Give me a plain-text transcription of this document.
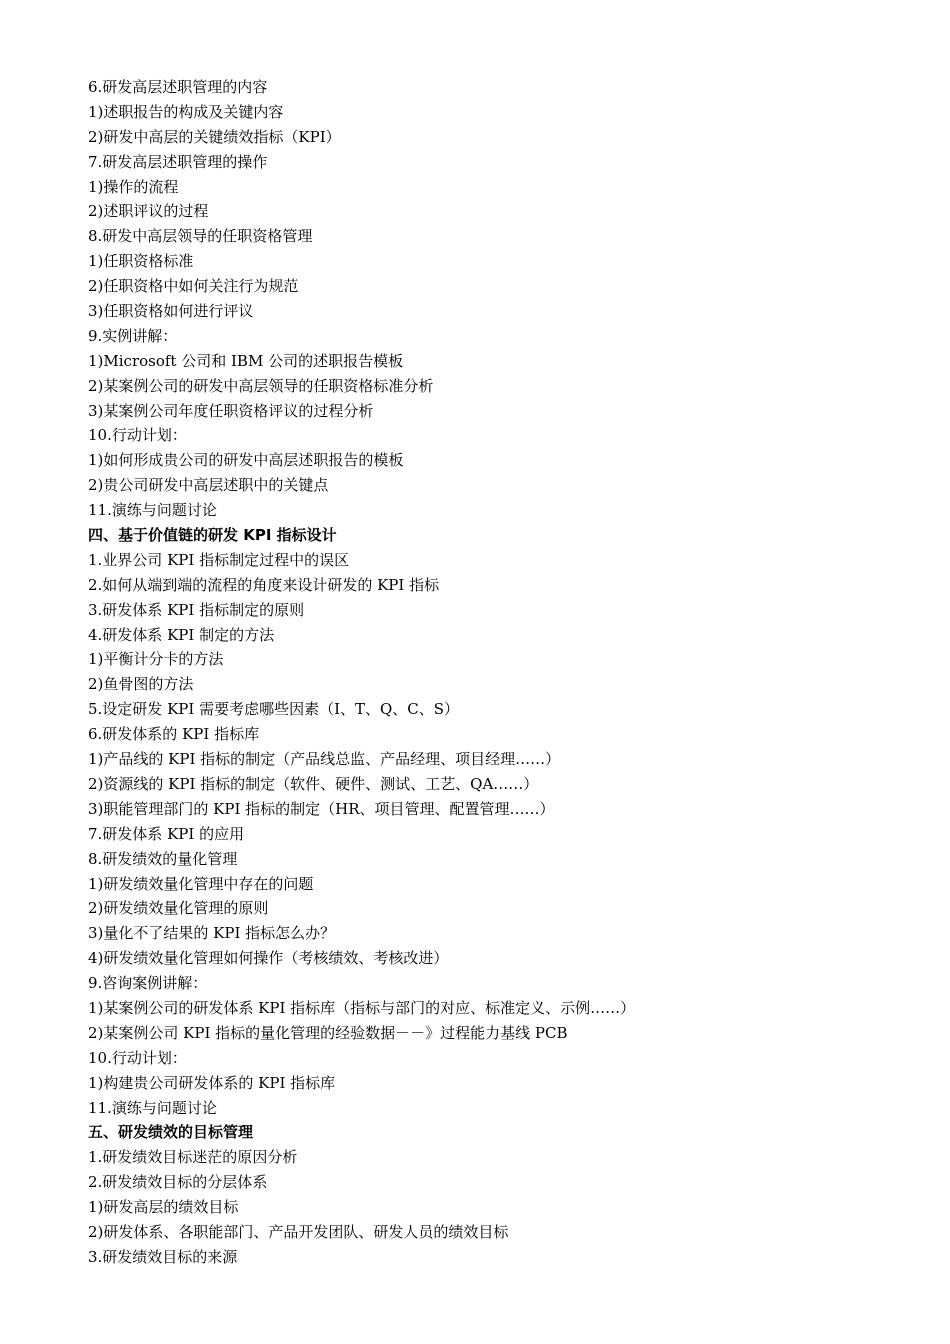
6.研发高层述职管理的内容
1)述职报告的构成及关键内容
2)研发中高层的关键绩效指标（KPI）
7.研发高层述职管理的操作
1)操作的流程
2)述职评议的过程
8.研发中高层领导的任职资格管理
1)任职资格标准
2)任职资格中如何关注行为规范
3)任职资格如何进行评议
9.实例讲解：
1)Microsoft 公司和 IBM 公司的述职报告模板
2)某案例公司的研发中高层领导的任职资格标准分析
3)某案例公司年度任职资格评议的过程分析
10.行动计划：
1)如何形成贵公司的研发中高层述职报告的模板
2)贵公司研发中高层述职中的关键点
11.演练与问题讨论
四、基于价值链的研发 KPI 指标设计
1.业界公司 KPI 指标制定过程中的误区
2.如何从端到端的流程的角度来设计研发的 KPI 指标
3.研发体系 KPI 指标制定的原则
4.研发体系 KPI 制定的方法
1)平衡计分卡的方法
2)鱼骨图的方法
5.设定研发 KPI 需要考虑哪些因素（I、T、Q、C、S）
6.研发体系的 KPI 指标库
1)产品线的 KPI 指标的制定（产品线总监、产品经理、项目经理……）
2)资源线的 KPI 指标的制定（软件、硬件、测试、工艺、QA……）
3)职能管理部门的 KPI 指标的制定（HR、项目管理、配置管理……）
7.研发体系 KPI 的应用
8.研发绩效的量化管理
1)研发绩效量化管理中存在的问题
2)研发绩效量化管理的原则
3)量化不了结果的 KPI 指标怎么办？
4)研发绩效量化管理如何操作（考核绩效、考核改进）
9.咨询案例讲解：
1)某案例公司的研发体系 KPI 指标库（指标与部门的对应、标准定义、示例……）
2)某案例公司 KPI 指标的量化管理的经验数据－－》过程能力基线 PCB
10.行动计划：
1)构建贵公司研发体系的 KPI 指标库
11.演练与问题讨论
五、研发绩效的目标管理
1.研发绩效目标迷茫的原因分析
2.研发绩效目标的分层体系
1)研发高层的绩效目标
2)研发体系、各职能部门、产品开发团队、研发人员的绩效目标
3.研发绩效目标的来源
